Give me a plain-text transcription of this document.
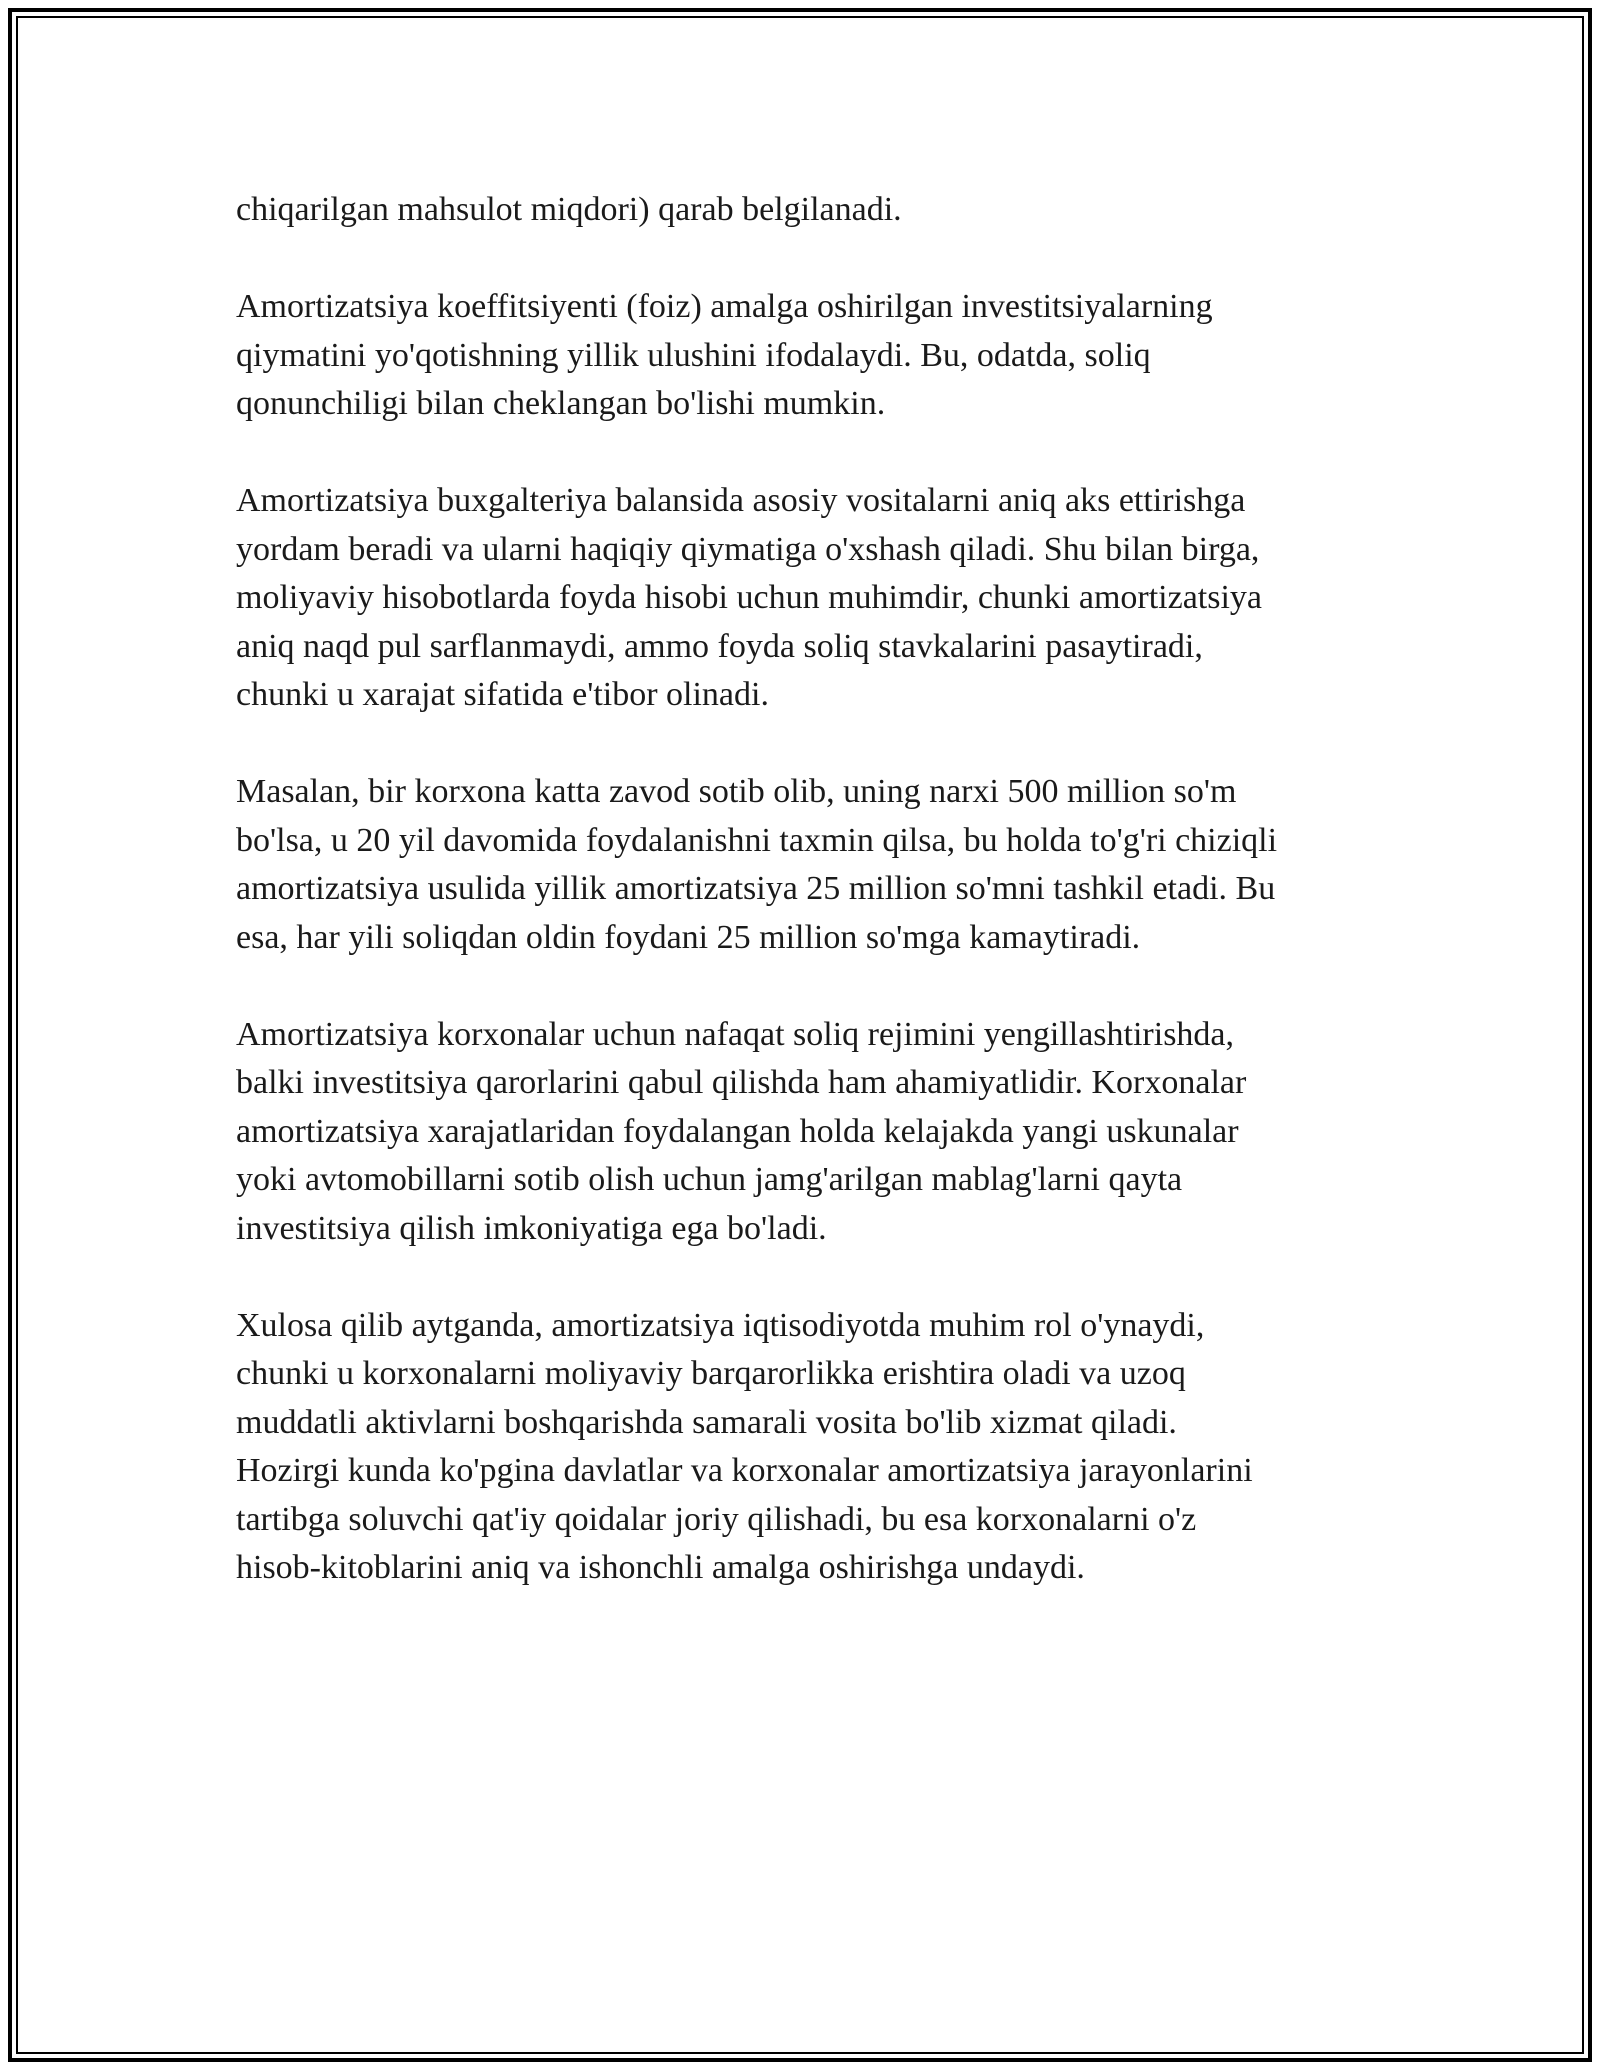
chiqarilgan mahsulot miqdori) qarab belgilanadi.

Amortizatsiya koeffitsiyenti (foiz) amalga oshirilgan investitsiyalarning
qiymatini yo'qotishning yillik ulushini ifodalaydi. Bu, odatda, soliq
qonunchiligi bilan cheklangan bo'lishi mumkin.

Amortizatsiya buxgalteriya balansida asosiy vositalarni aniq aks ettirishga
yordam beradi va ularni haqiqiy qiymatiga o'xshash qiladi. Shu bilan birga,
moliyaviy hisobotlarda foyda hisobi uchun muhimdir, chunki amortizatsiya
aniq naqd pul sarflanmaydi, ammo foyda soliq stavkalarini pasaytiradi,
chunki u xarajat sifatida e'tibor olinadi.

Masalan, bir korxona katta zavod sotib olib, uning narxi 500 million so'm
bo'lsa, u 20 yil davomida foydalanishni taxmin qilsa, bu holda to'g'ri chiziqli
amortizatsiya usulida yillik amortizatsiya 25 million so'mni tashkil etadi. Bu
esa, har yili soliqdan oldin foydani 25 million so'mga kamaytiradi.

Amortizatsiya korxonalar uchun nafaqat soliq rejimini yengillashtirishda,
balki investitsiya qarorlarini qabul qilishda ham ahamiyatlidir. Korxonalar
amortizatsiya xarajatlaridan foydalangan holda kelajakda yangi uskunalar
yoki avtomobillarni sotib olish uchun jamg'arilgan mablag'larni qayta
investitsiya qilish imkoniyatiga ega bo'ladi.

Xulosa qilib aytganda, amortizatsiya iqtisodiyotda muhim rol o'ynaydi,
chunki u korxonalarni moliyaviy barqarorlikka erishtira oladi va uzoq
muddatli aktivlarni boshqarishda samarali vosita bo'lib xizmat qiladi.
Hozirgi kunda ko'pgina davlatlar va korxonalar amortizatsiya jarayonlarini
tartibga soluvchi qat'iy qoidalar joriy qilishadi, bu esa korxonalarni o'z
hisob-kitoblarini aniq va ishonchli amalga oshirishga undaydi.
